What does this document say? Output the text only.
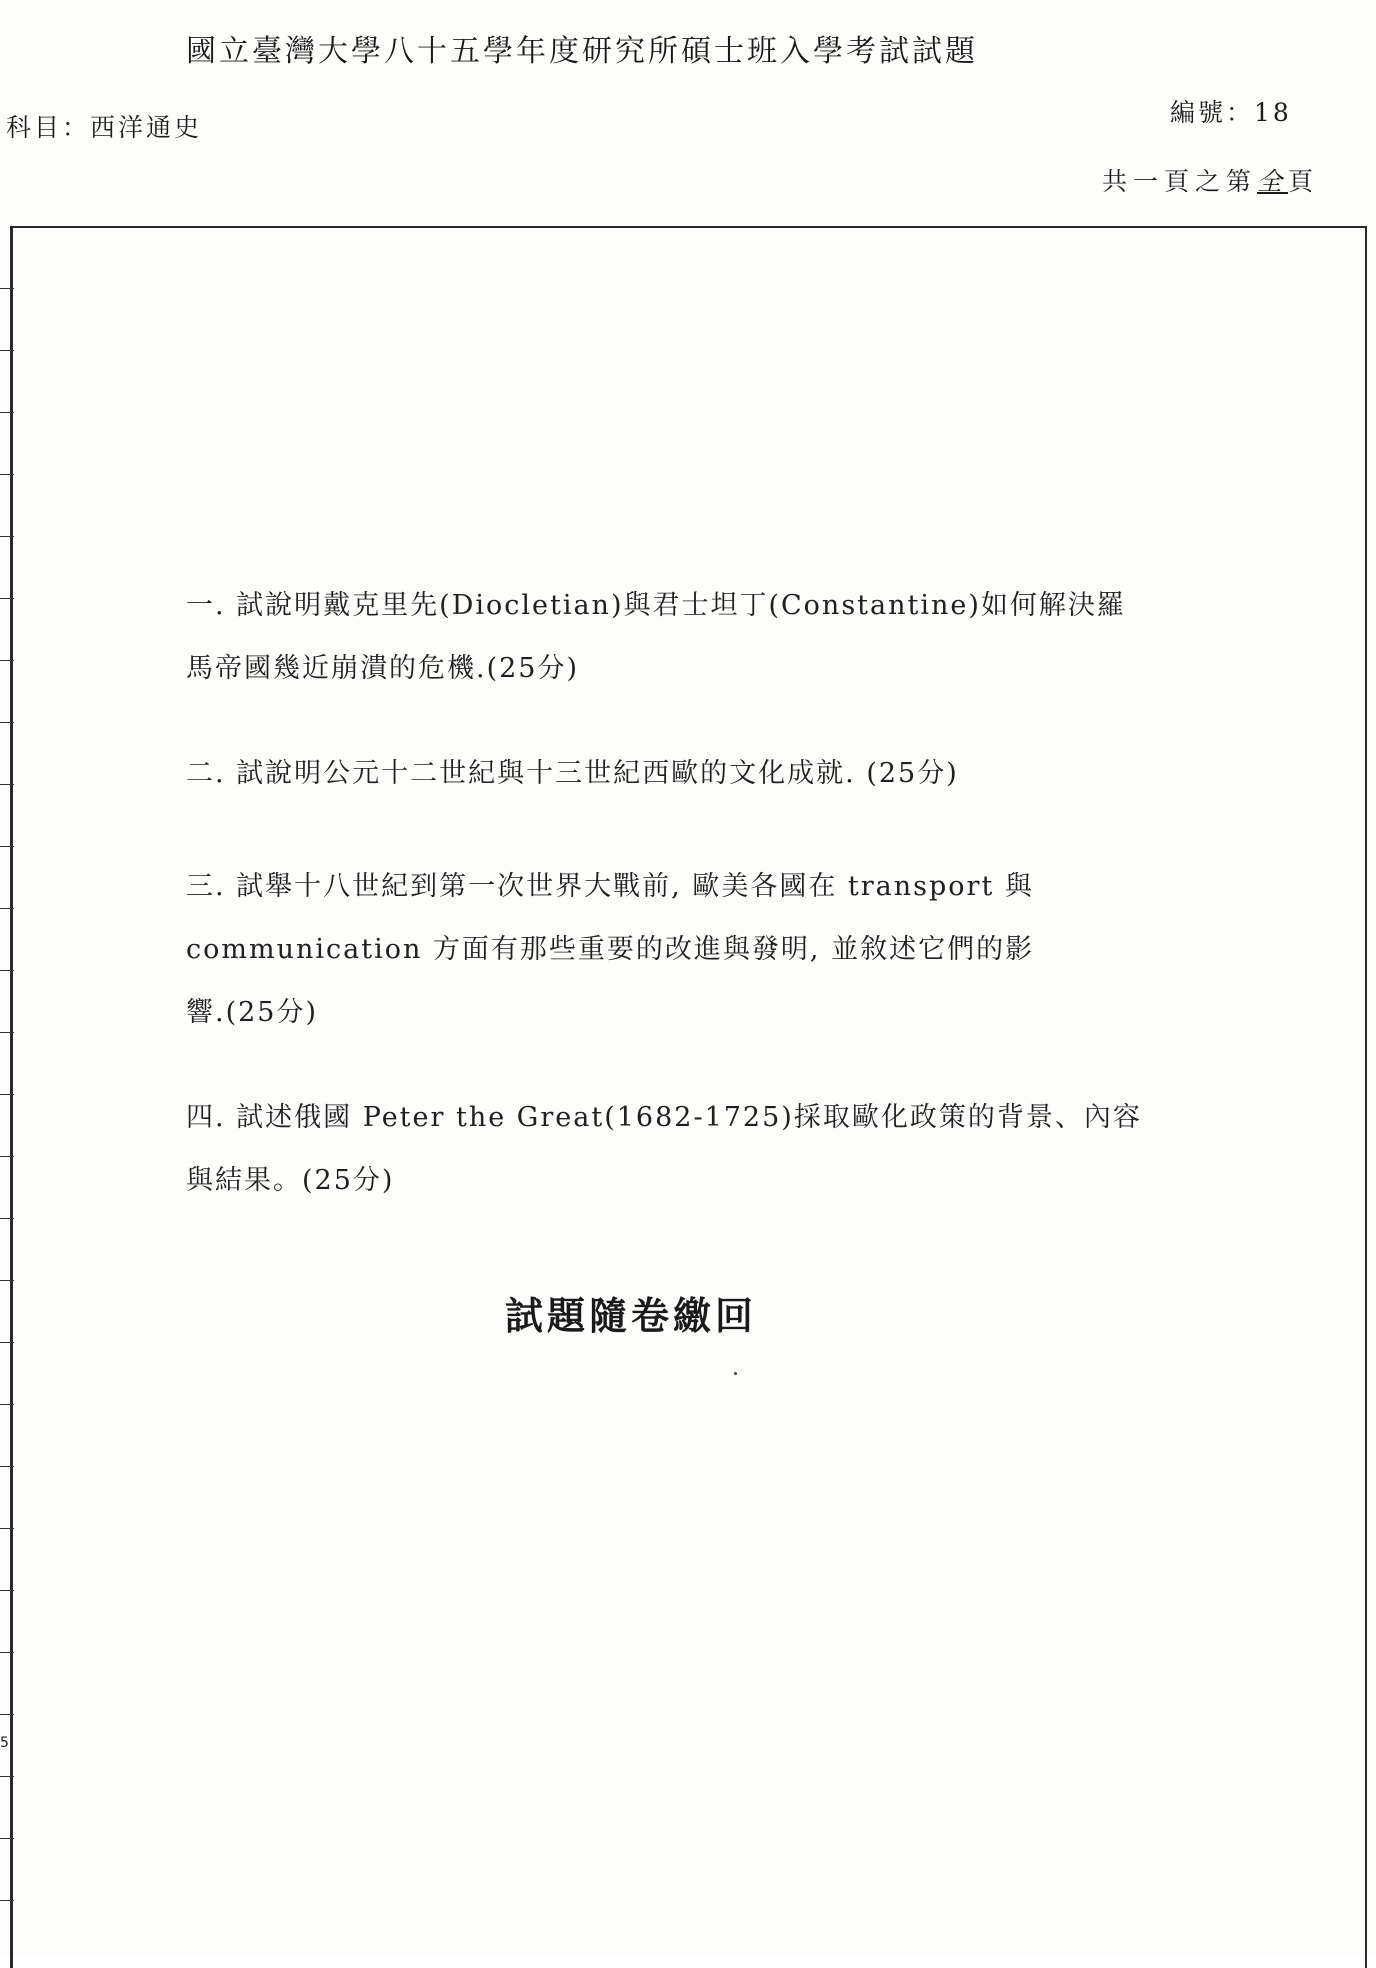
國立臺灣大學八十五學年度研究所碩士班入學考試試題
科目：西洋通史
編號：18
共一頁之第全頁
5
一. 試說明戴克里先(Diocletian)與君士坦丁(Constantine)如何解決羅
馬帝國幾近崩潰的危機.(25分)
二. 試說明公元十二世紀與十三世紀西歐的文化成就. (25分)
三. 試舉十八世紀到第一次世界大戰前, 歐美各國在 transport 與
communication 方面有那些重要的改進與發明, 並敘述它們的影
響.(25分)
四. 試述俄國 Peter the Great(1682-1725)採取歐化政策的背景、內容
與結果。(25分)
試題隨卷繳回
